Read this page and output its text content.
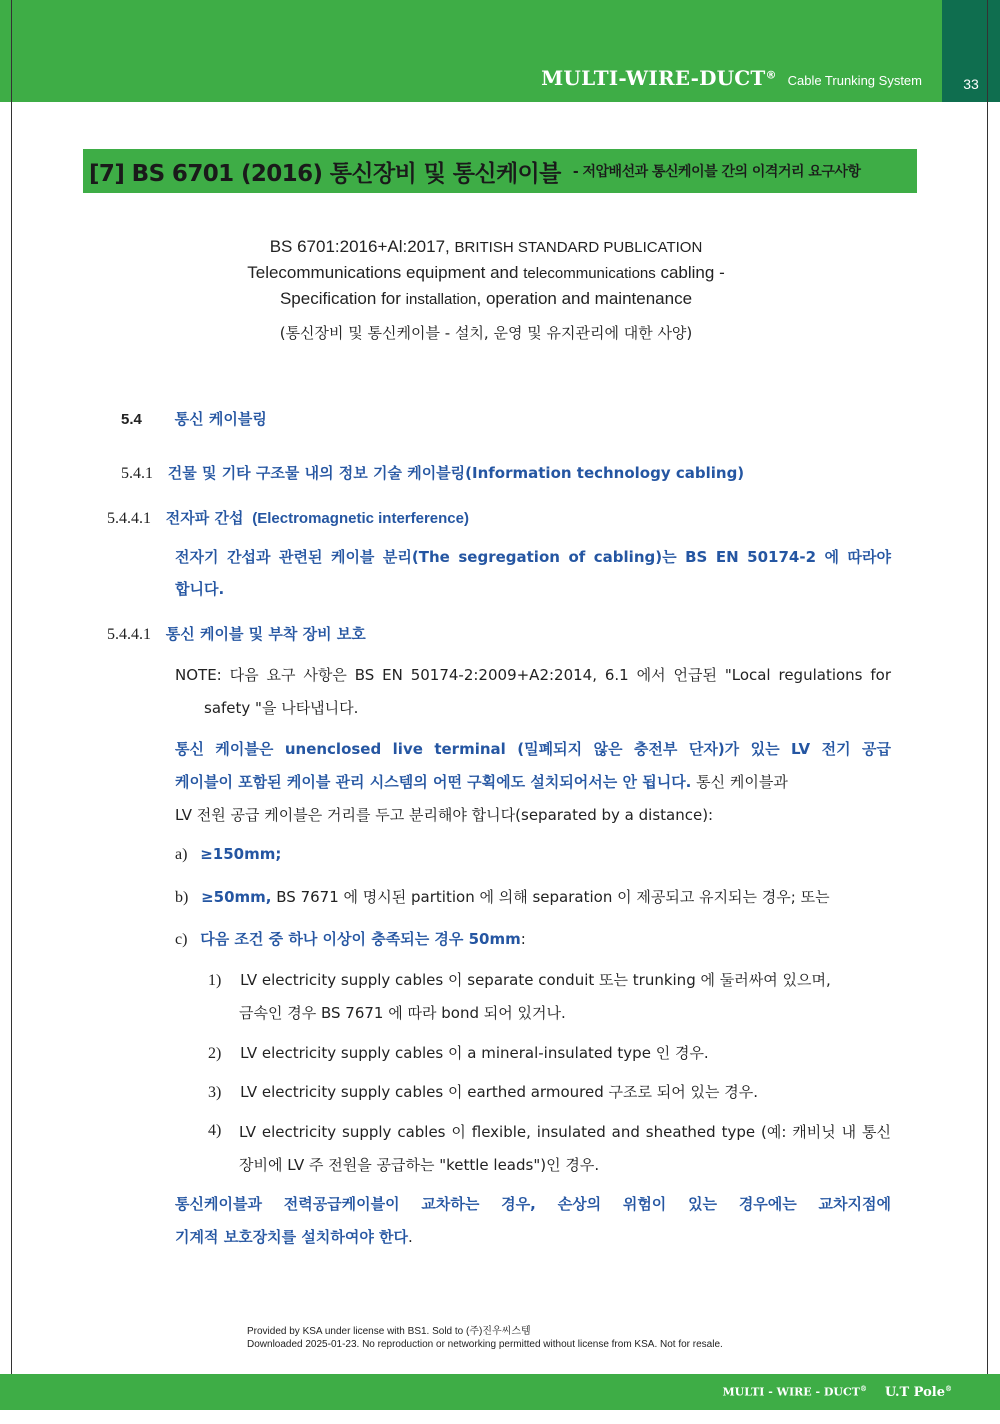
MULTI-WIRE-DUCT® Cable Trunking System	33
[7] BS 6701 (2016) 통신장비 및 통신케이블 - 저압배선과 통신케이블 간의 이격거리 요구사항
BS 6701:2016+Al:2017, BRITISH STANDARD PUBLICATION
Telecommunications equipment and telecommunications cabling -
Specification for installation, operation and maintenance
(통신장비 및 통신케이블 - 설치, 운영 및 유지관리에 대한 사양)
5.4 통신 케이블링
5.4.1 건물 및 기타 구조물 내의 정보 기술 케이블링(Information technology cabling)
5.4.4.1 전자파 간섭 (Electromagnetic interference)
전자기 간섭과 관련된 케이블 분리(The segregation of cabling)는 BS EN 50174-2 에 따라야
합니다.
5.4.4.1 통신 케이블 및 부착 장비 보호
NOTE: 다음 요구 사항은 BS EN 50174-2:2009+A2:2014, 6.1 에서 언급된 "Local regulations for
safety "을 나타냅니다.
통신 케이블은 unenclosed live terminal (밀폐되지 않은 충전부 단자)가 있는 LV 전기 공급
케이블이 포함된 케이블 관리 시스템의 어떤 구획에도 설치되어서는 안 됩니다. 통신 케이블과
LV 전원 공급 케이블은 거리를 두고 분리해야 합니다(separated by a distance):
a) ≥150mm;
b) ≥50mm, BS 7671 에 명시된 partition 에 의해 separation 이 제공되고 유지되는 경우; 또는
c) 다음 조건 중 하나 이상이 충족되는 경우 50mm:
1) LV electricity supply cables 이 separate conduit 또는 trunking 에 둘러싸여 있으며,
금속인 경우 BS 7671 에 따라 bond 되어 있거나.
2) LV electricity supply cables 이 a mineral-insulated type 인 경우.
3) LV electricity supply cables 이 earthed armoured 구조로 되어 있는 경우.
4) LV electricity supply cables 이 flexible, insulated and sheathed type (예: 캐비닛 내 통신
장비에 LV 주 전원을 공급하는 "kettle leads")인 경우.
통신케이블과 전력공급케이블이 교차하는 경우, 손상의 위험이 있는 경우에는 교차지점에
기계적 보호장치를 설치하여야 한다.
Provided by KSA under license with BS1. Sold to (주)진우씨스템
Downloaded 2025-01-23. No reproduction or networking permitted without license from KSA. Not for resale.
MULTI - WIRE - DUCT® U.T Pole®
